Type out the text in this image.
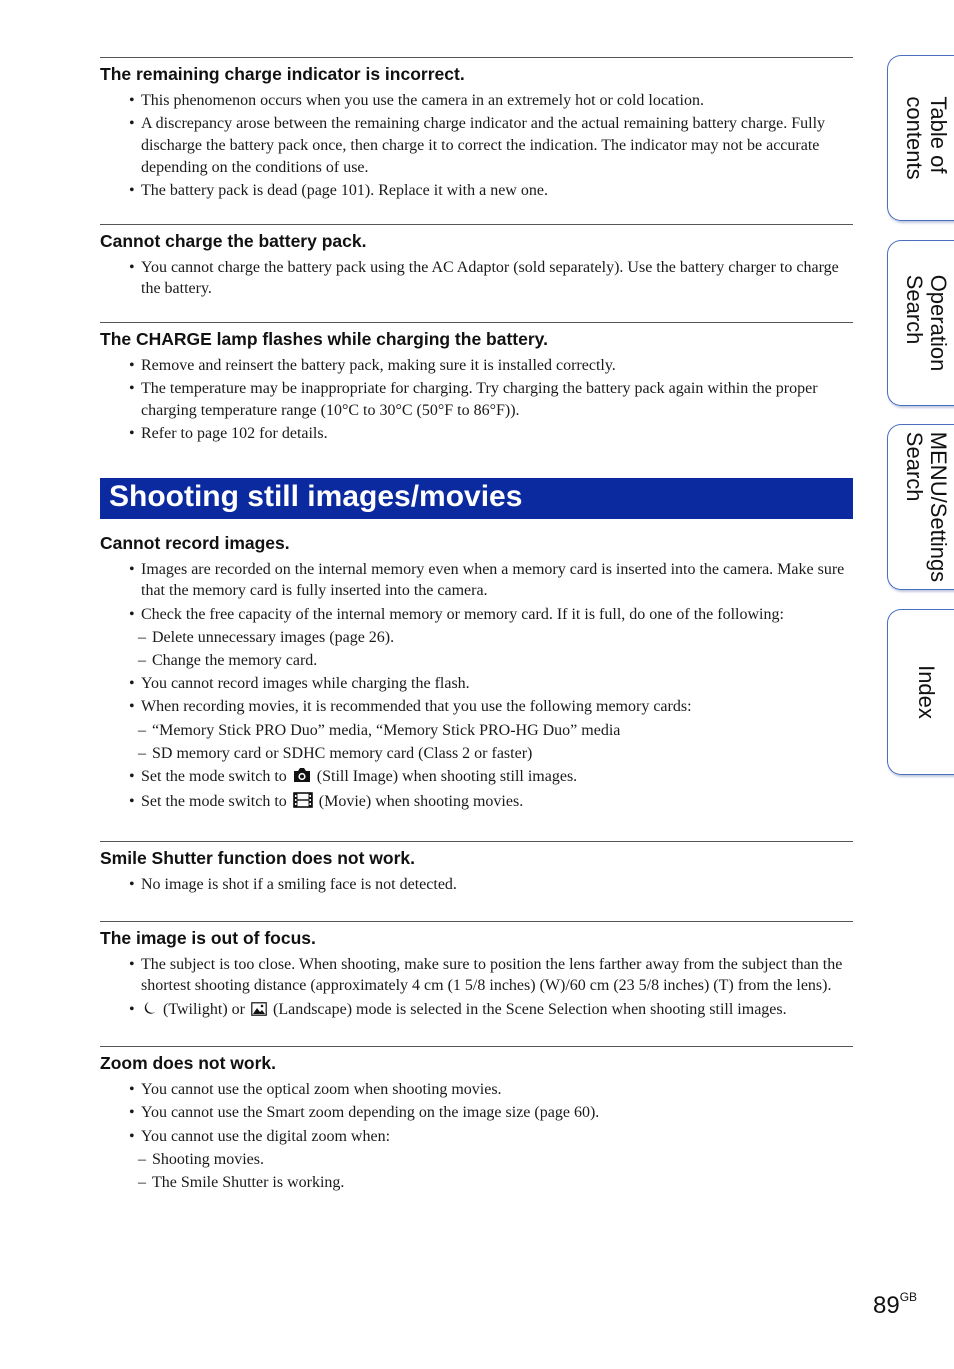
The remaining charge indicator is incorrect.
• This phenomenon occurs when you use the camera in an extremely hot or cold location.
• A discrepancy arose between the remaining charge indicator and the actual remaining battery charge. Fully discharge the battery pack once, then charge it to correct the indication. The indicator may not be accurate depending on the conditions of use.
• The battery pack is dead (page 101). Replace it with a new one.
Cannot charge the battery pack.
• You cannot charge the battery pack using the AC Adaptor (sold separately). Use the battery charger to charge the battery.
The CHARGE lamp flashes while charging the battery.
• Remove and reinsert the battery pack, making sure it is installed correctly.
• The temperature may be inappropriate for charging. Try charging the battery pack again within the proper charging temperature range (10°C to 30°C (50°F to 86°F)).
• Refer to page 102 for details.
Shooting still images/movies
Cannot record images.
• Images are recorded on the internal memory even when a memory card is inserted into the camera. Make sure that the memory card is fully inserted into the camera.
• Check the free capacity of the internal memory or memory card. If it is full, do one of the following:
– Delete unnecessary images (page 26).
– Change the memory card.
• You cannot record images while charging the flash.
• When recording movies, it is recommended that you use the following memory cards:
– “Memory Stick PRO Duo” media, “Memory Stick PRO-HG Duo” media
– SD memory card or SDHC memory card (Class 2 or faster)
• Set the mode switch to  (Still Image) when shooting still images.
• Set the mode switch to  (Movie) when shooting movies.
Smile Shutter function does not work.
• No image is shot if a smiling face is not detected.
The image is out of focus.
• The subject is too close. When shooting, make sure to position the lens farther away from the subject than the shortest shooting distance (approximately 4 cm (1 5/8 inches) (W)/60 cm (23 5/8 inches) (T) from the lens).
• (Twilight) or  (Landscape) mode is selected in the Scene Selection when shooting still images.
Zoom does not work.
• You cannot use the optical zoom when shooting movies.
• You cannot use the Smart zoom depending on the image size (page 60).
• You cannot use the digital zoom when:
– Shooting movies.
– The Smile Shutter is working.
Table of
contents
Operation
Search
MENU/Settings
Search
Index
$89^{GB}$
